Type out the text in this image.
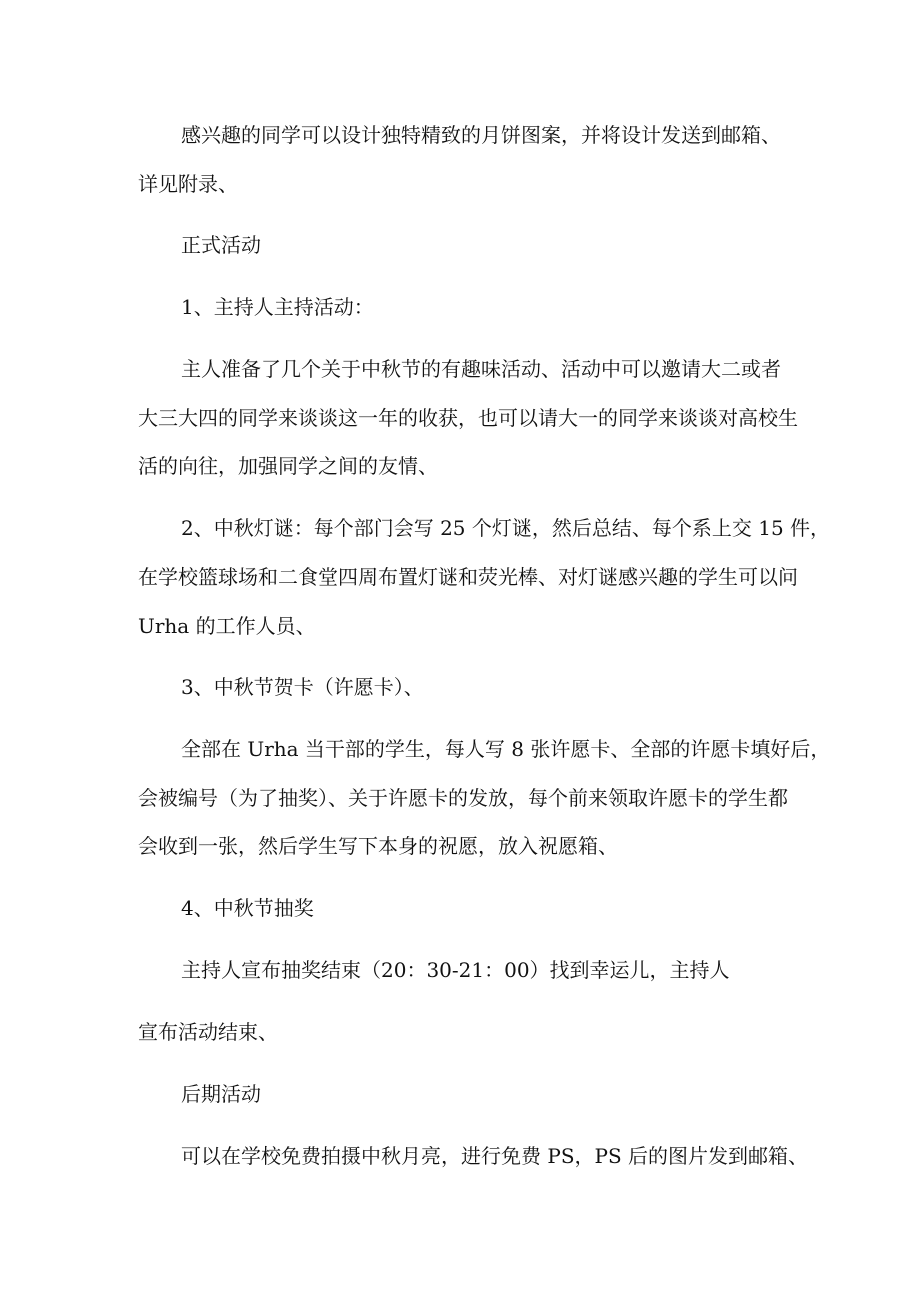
感兴趣的同学可以设计独特精致的月饼图案，并将设计发送到邮箱、
详见附录、
正式活动
1、主持人主持活动：
主人准备了几个关于中秋节的有趣味活动、活动中可以邀请大二或者
大三大四的同学来谈谈这一年的收获，也可以请大一的同学来谈谈对高校生
活的向往，加强同学之间的友情、
2、中秋灯谜：每个部门会写 25 个灯谜，然后总结、每个系上交 15 件，
在学校篮球场和二食堂四周布置灯谜和荧光棒、对灯谜感兴趣的学生可以问
Urha 的工作人员、
3、中秋节贺卡（许愿卡）、
全部在 Urha 当干部的学生，每人写 8 张许愿卡、全部的许愿卡填好后，
会被编号（为了抽奖）、关于许愿卡的发放，每个前来领取许愿卡的学生都
会收到一张，然后学生写下本身的祝愿，放入祝愿箱、
4、中秋节抽奖
主持人宣布抽奖结束（20：30-21：00）找到幸运儿，主持人
宣布活动结束、
后期活动
可以在学校免费拍摄中秋月亮，进行免费 PS，PS 后的图片发到邮箱、
